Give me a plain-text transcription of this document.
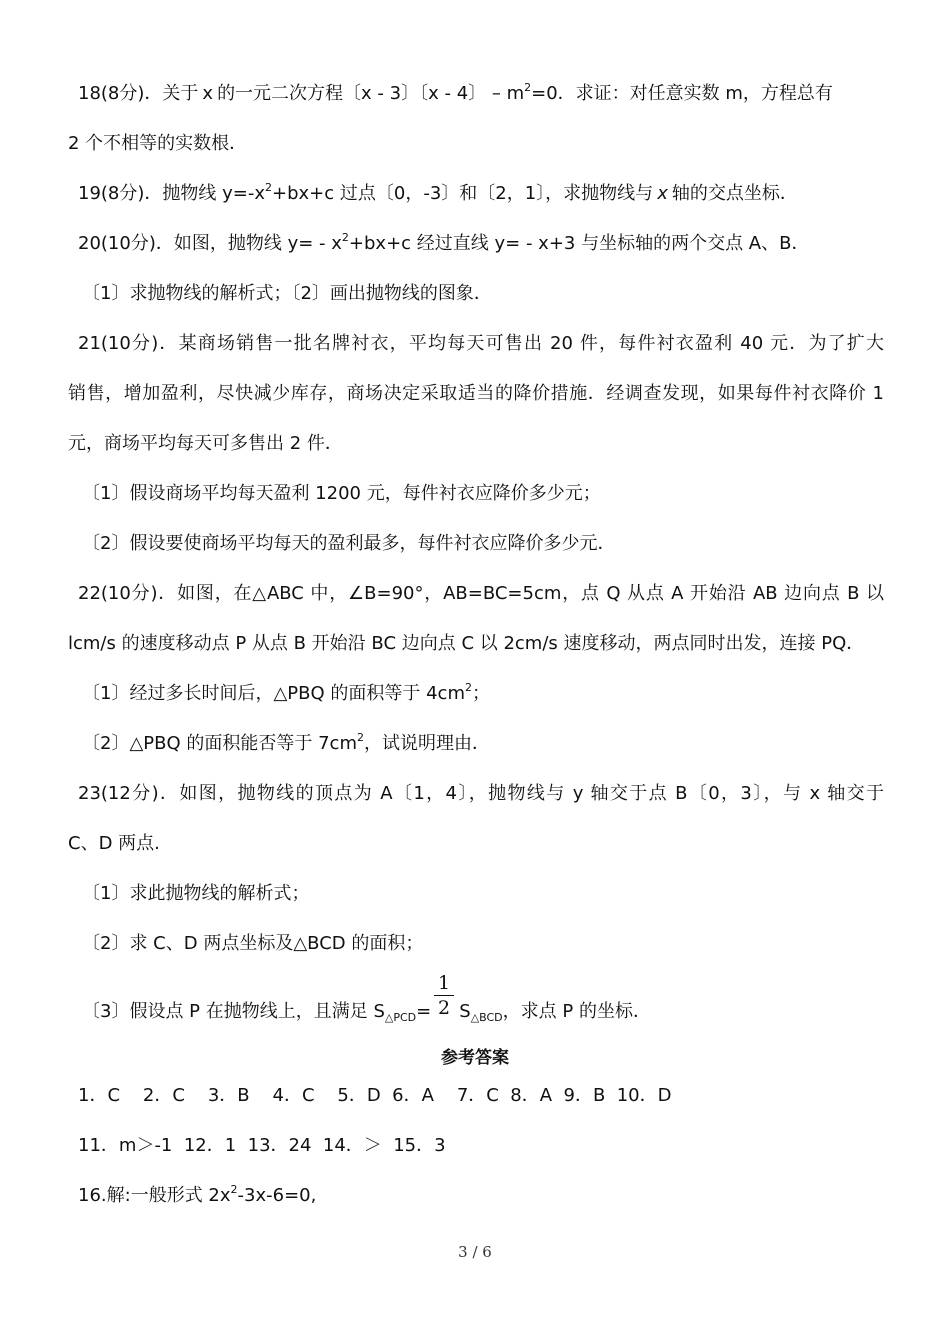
18(8分)．关于 x 的一元二次方程〔x - 3〕〔x - 4〕 – $m^2=0$．求证：对任意实数 m，方程总有
2 个不相等的实数根．
19(8分)．抛物线 $y=-x^2+bx+c$ 过点〔0，-3〕和〔2，1〕，求抛物线与 x 轴的交点坐标．
20(10分)．如图，抛物线 $y= - x^2+bx+c$ 经过直线 y= - x+3 与坐标轴的两个交点 A、B．
〔1〕求抛物线的解析式；〔2〕画出抛物线的图象．
21(10分)．某商场销售一批名牌衬衣，平均每天可售出 20 件，每件衬衣盈利 40 元．为了扩大
销售，增加盈利，尽快减少库存，商场决定采取适当的降价措施．经调查发现，如果每件衬衣降价 1
元，商场平均每天可多售出 2 件．
〔1〕假设商场平均每天盈利 1200 元，每件衬衣应降价多少元；
〔2〕假设要使商场平均每天的盈利最多，每件衬衣应降价多少元．
22(10分)．如图，在△ABC 中，∠B=90°，AB=BC=5cm，点 Q 从点 A 开始沿 AB 边向点 B 以
lcm/s 的速度移动点 P 从点 B 开始沿 BC 边向点 C 以 2cm/s 速度移动，两点同时出发，连接 PQ．
〔1〕经过多长时间后，△PBQ 的面积等于 $4cm^2$；
〔2〕△PBQ 的面积能否等于 $7cm^2$，试说明理由．
23(12分)．如图，抛物线的顶点为 A〔1，4〕，抛物线与 y 轴交于点 B〔0，3〕，与 x 轴交于
C、D 两点.
〔1〕求此抛物线的解析式；
〔2〕求 C、D 两点坐标及△BCD 的面积；
〔3〕假设点 P 在抛物线上，且满足 $S_{\triangle PCD}= S_{\triangle BCD}$，求点 P 的坐标．
1
2
参考答案
1．C    2．C    3．B    4．C    5．D  6．A    7．C  8．A  9．B  10．D
11．m＞-1  12．1  13．24  14．＞  15．3
16.解:一般形式 $2x^2-3x-6=0$,
3 / 6
